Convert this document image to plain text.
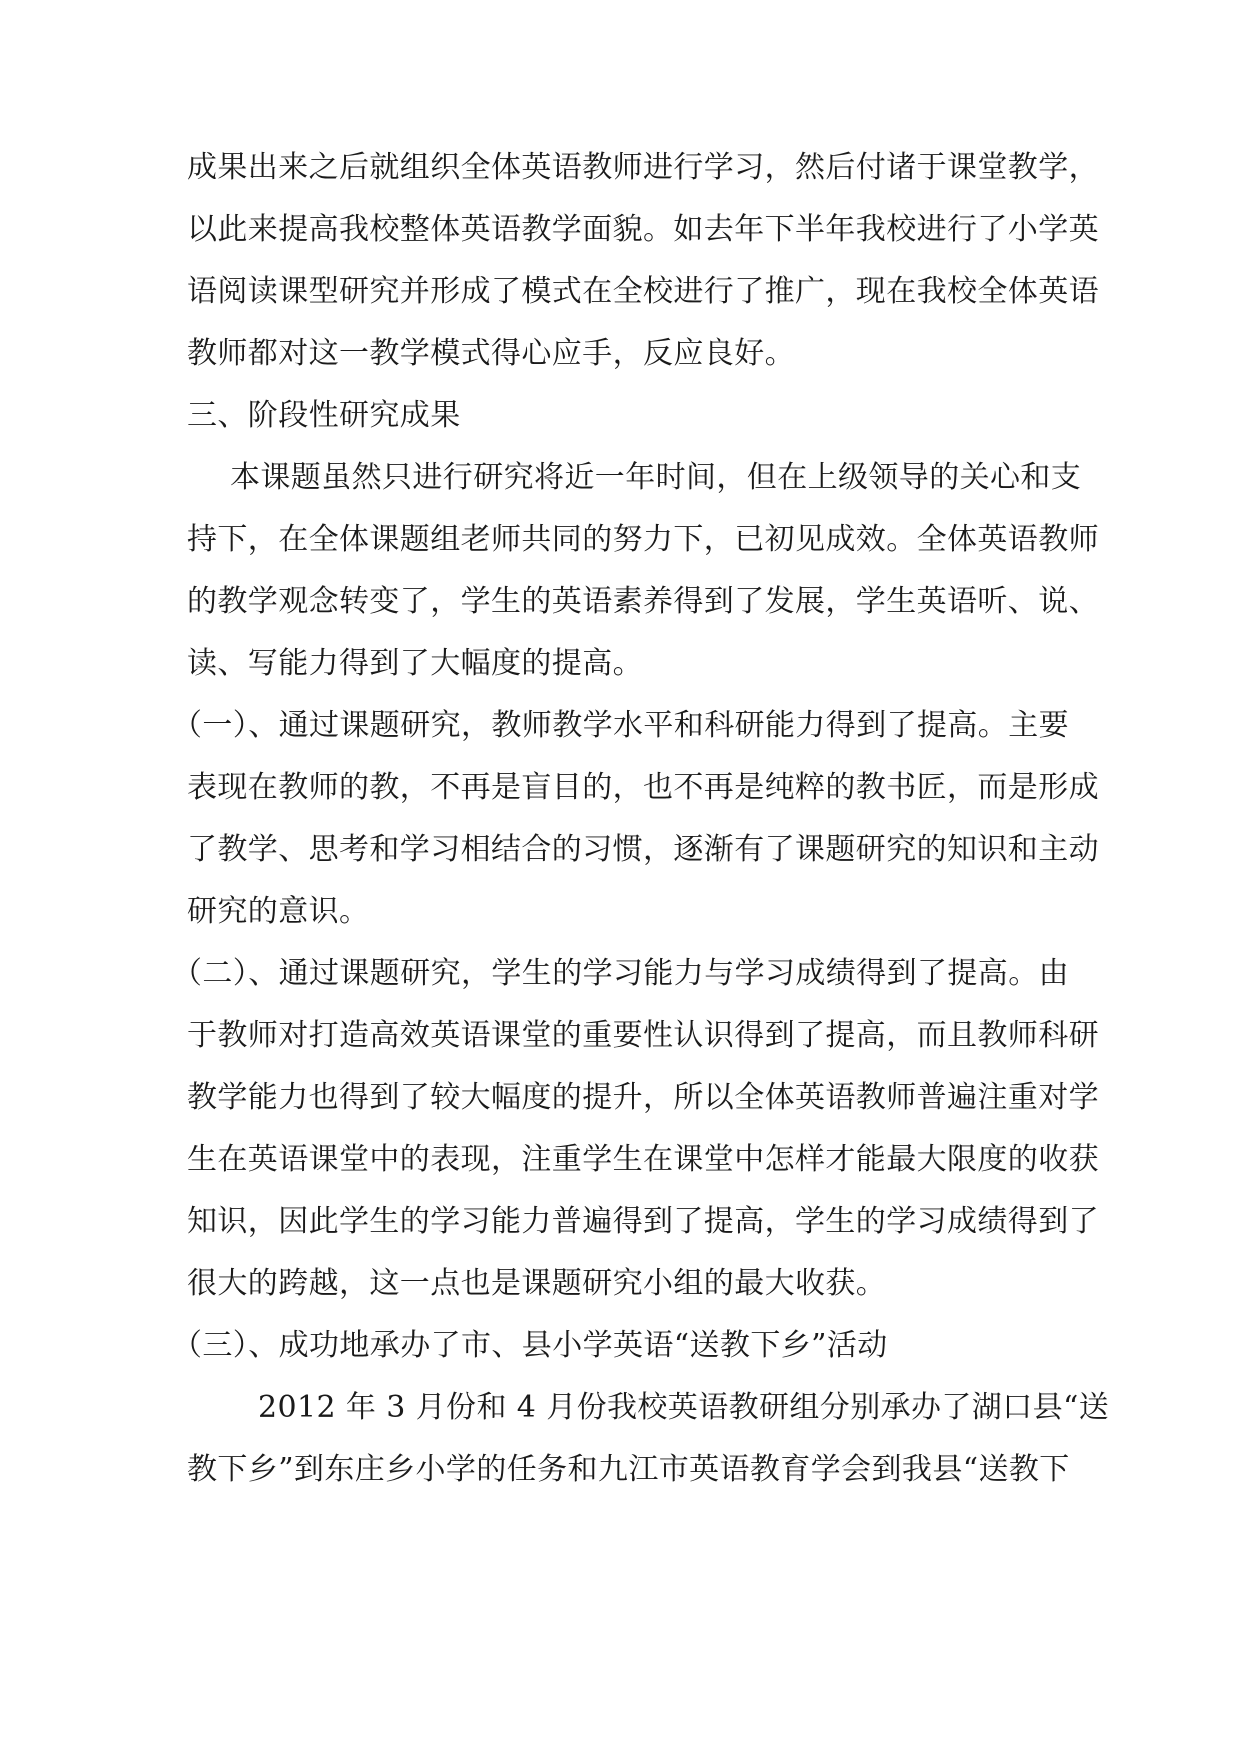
成果出来之后就组织全体英语教师进行学习，然后付诸于课堂教学，
以此来提高我校整体英语教学面貌。如去年下半年我校进行了小学英
语阅读课型研究并形成了模式在全校进行了推广，现在我校全体英语
教师都对这一教学模式得心应手，反应良好。
三、阶段性研究成果
本课题虽然只进行研究将近一年时间，但在上级领导的关心和支
持下，在全体课题组老师共同的努力下，已初见成效。全体英语教师
的教学观念转变了，学生的英语素养得到了发展，学生英语听、说、
读、写能力得到了大幅度的提高。
（一）、通过课题研究，教师教学水平和科研能力得到了提高。主要
表现在教师的教，不再是盲目的，也不再是纯粹的教书匠，而是形成
了教学、思考和学习相结合的习惯，逐渐有了课题研究的知识和主动
研究的意识。
（二）、通过课题研究，学生的学习能力与学习成绩得到了提高。由
于教师对打造高效英语课堂的重要性认识得到了提高，而且教师科研
教学能力也得到了较大幅度的提升，所以全体英语教师普遍注重对学
生在英语课堂中的表现，注重学生在课堂中怎样才能最大限度的收获
知识，因此学生的学习能力普遍得到了提高，学生的学习成绩得到了
很大的跨越，这一点也是课题研究小组的最大收获。
（三）、成功地承办了市、县小学英语“送教下乡”活动
2012 年 3 月份和 4 月份我校英语教研组分别承办了湖口县“送
教下乡”到东庄乡小学的任务和九江市英语教育学会到我县“送教下
